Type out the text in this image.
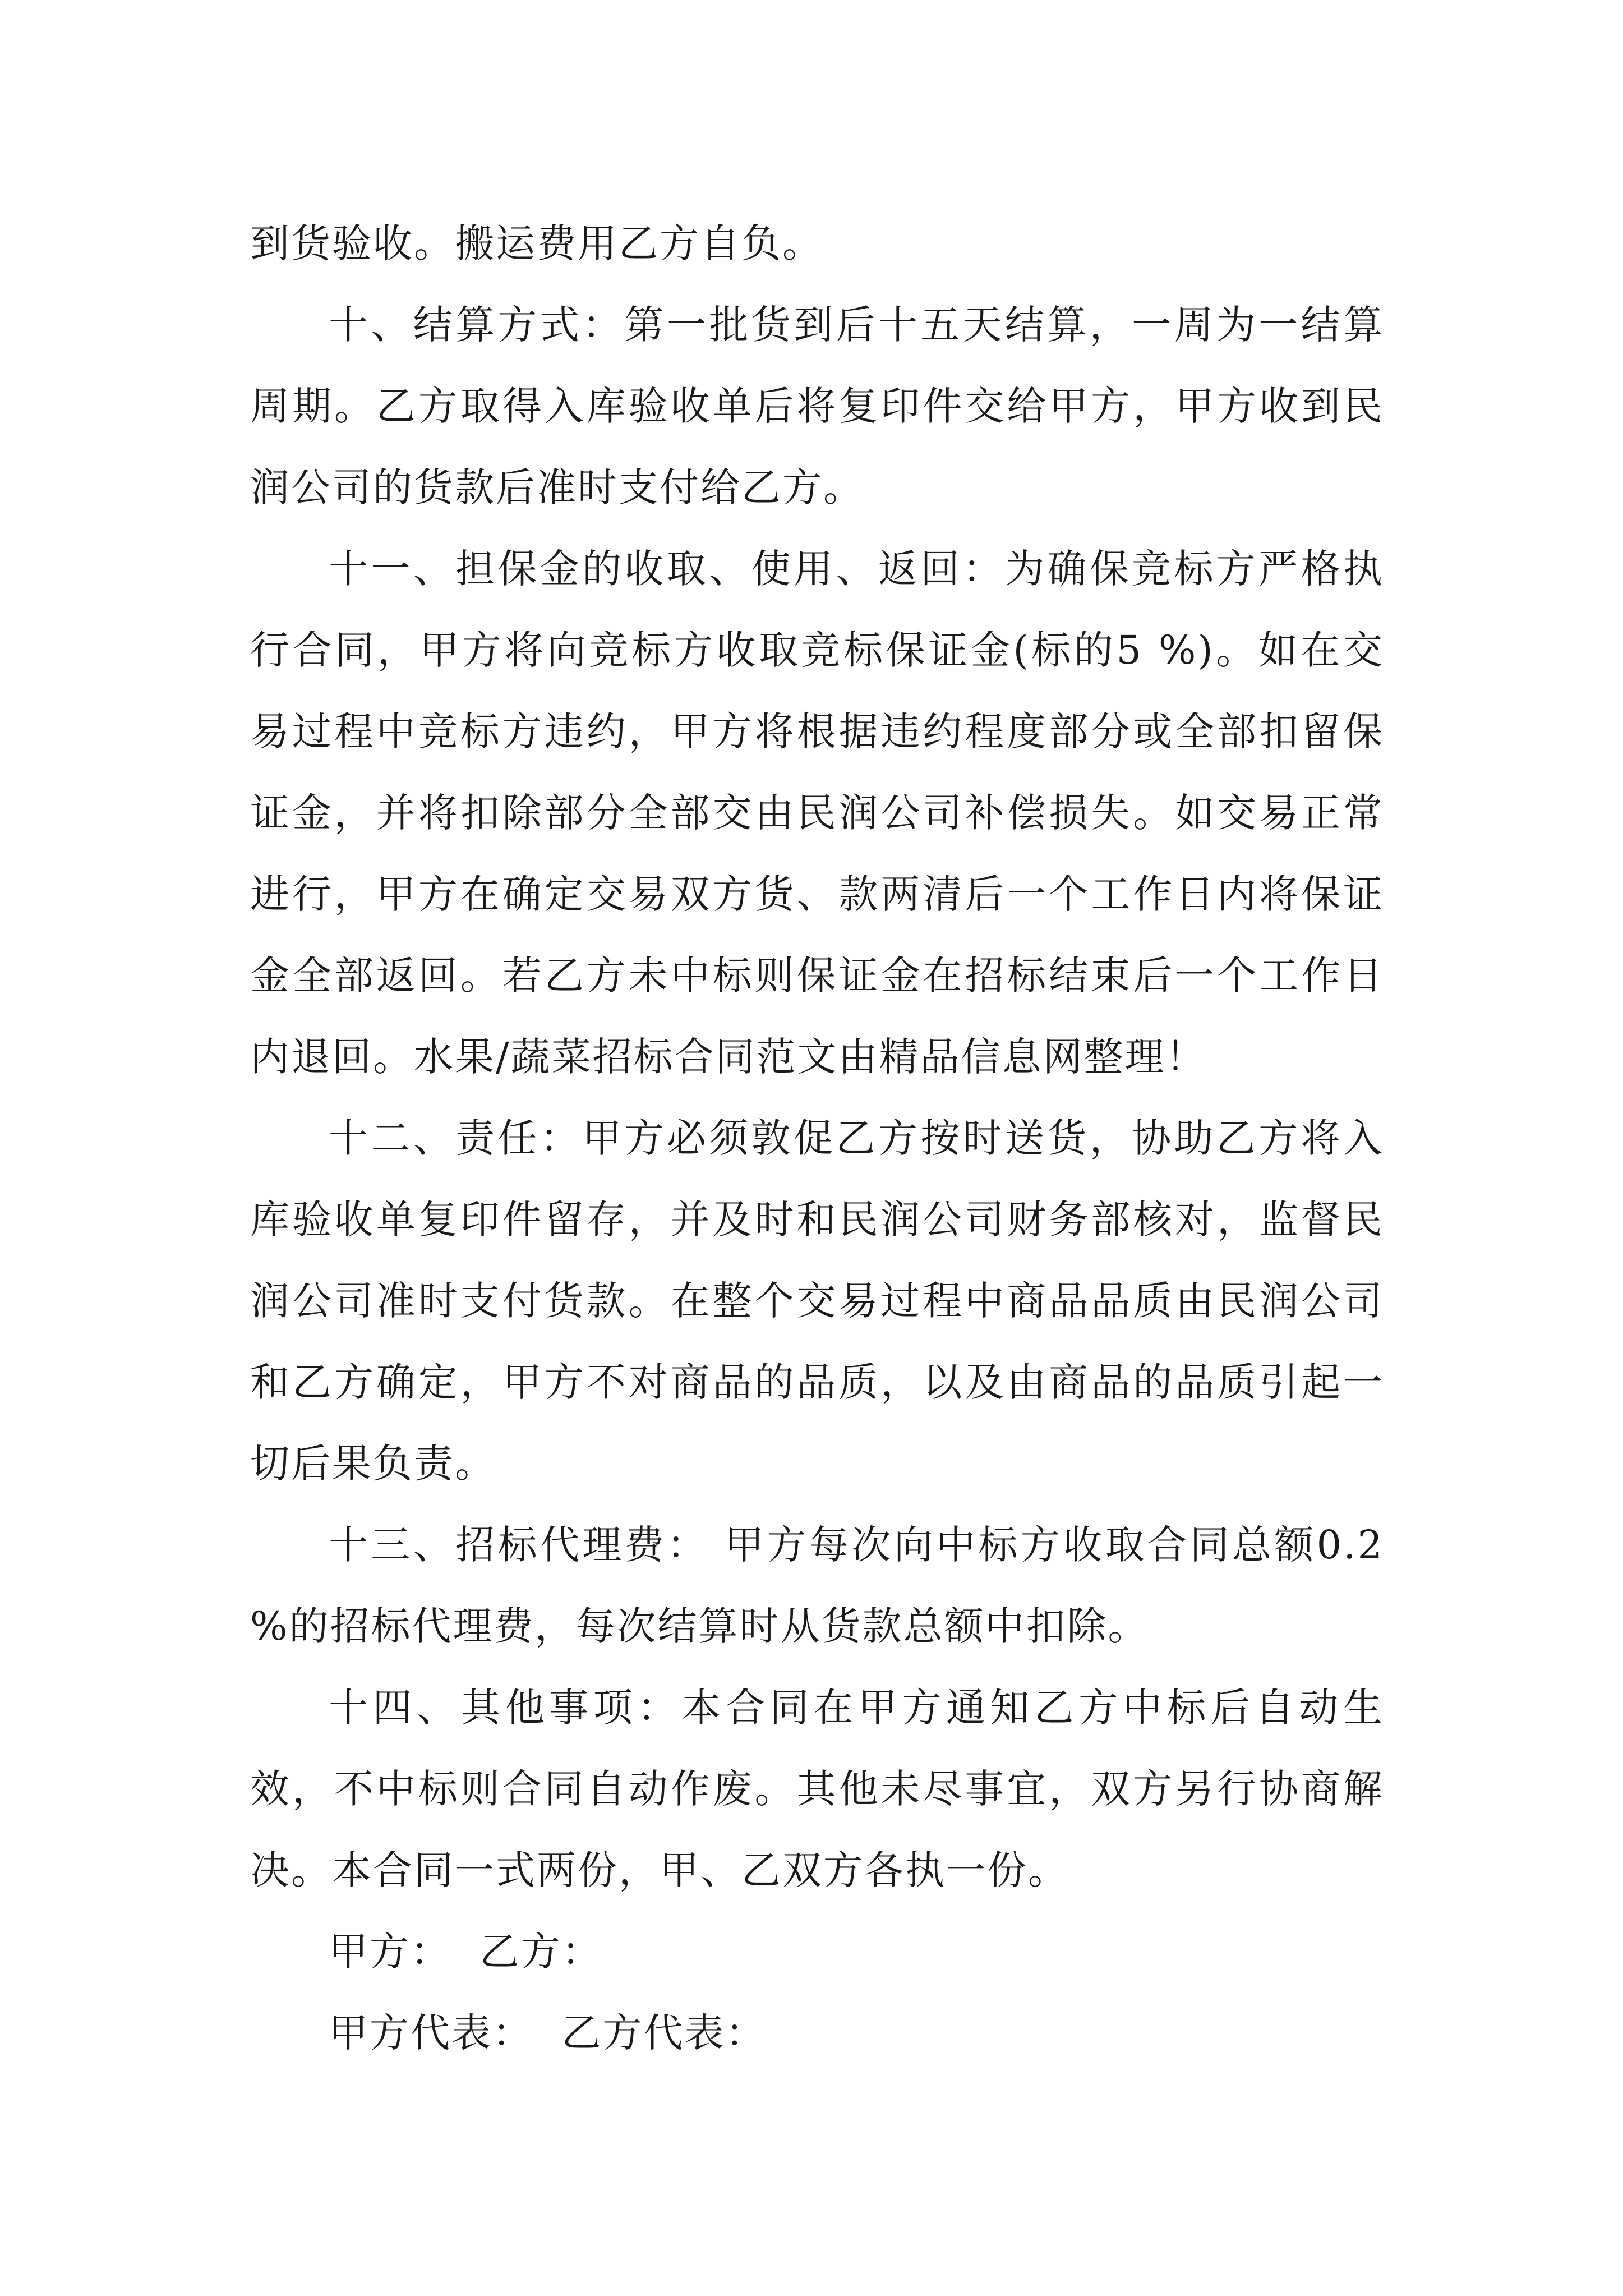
到货验收。搬运费用乙方自负。

十、结算方式：第一批货到后十五天结算，一周为一结算周期。乙方取得入库验收单后将复印件交给甲方，甲方收到民润公司的货款后准时支付给乙方。

十一、担保金的收取、使用、返回：为确保竞标方严格执行合同，甲方将向竞标方收取竞标保证金(标的5 %)。如在交易过程中竞标方违约，甲方将根据违约程度部分或全部扣留保证金，并将扣除部分全部交由民润公司补偿损失。如交易正常进行，甲方在确定交易双方货、款两清后一个工作日内将保证金全部返回。若乙方未中标则保证金在招标结束后一个工作日内退回。水果/蔬菜招标合同范文由精品信息网整理！

十二、责任：甲方必须敦促乙方按时送货，协助乙方将入库验收单复印件留存，并及时和民润公司财务部核对，监督民润公司准时支付货款。在整个交易过程中商品品质由民润公司和乙方确定，甲方不对商品的品质，以及由商品的品质引起一切后果负责。

十三、招标代理费： 甲方每次向中标方收取合同总额0.2 %的招标代理费，每次结算时从货款总额中扣除。

十四、其他事项：本合同在甲方通知乙方中标后自动生效，不中标则合同自动作废。其他未尽事宜，双方另行协商解决。本合同一式两份，甲、乙双方各执一份。

甲方：  乙方：

甲方代表：  乙方代表：
